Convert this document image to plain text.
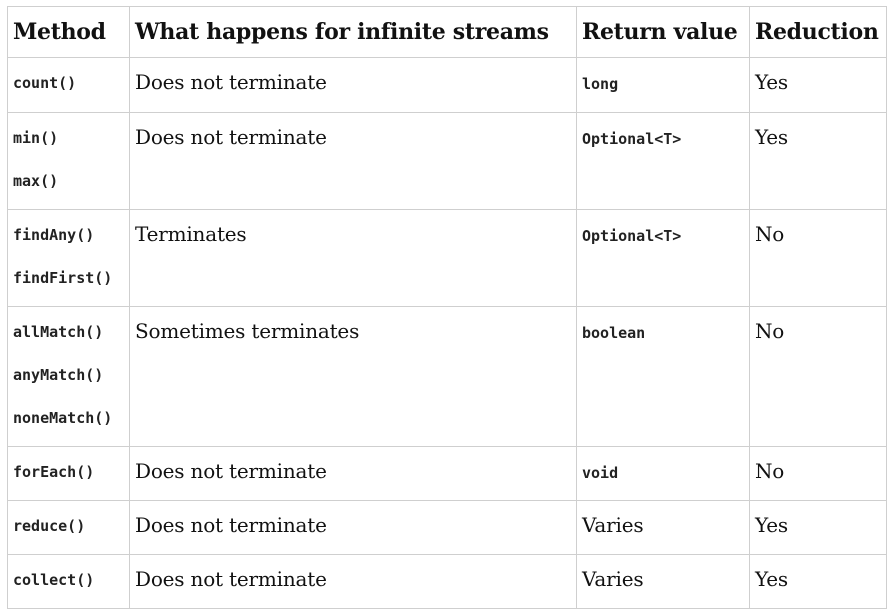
Method	What happens for infinite streams	Return value	Reduction

count()	Does not terminate	long	Yes

min()
max()	Does not terminate	Optional<T>	Yes

findAny()
findFirst()	Terminates	Optional<T>	No

allMatch()
anyMatch()
noneMatch()	Sometimes terminates	boolean	No

forEach()	Does not terminate	void	No

reduce()	Does not terminate	Varies	Yes

collect()	Does not terminate	Varies	Yes
